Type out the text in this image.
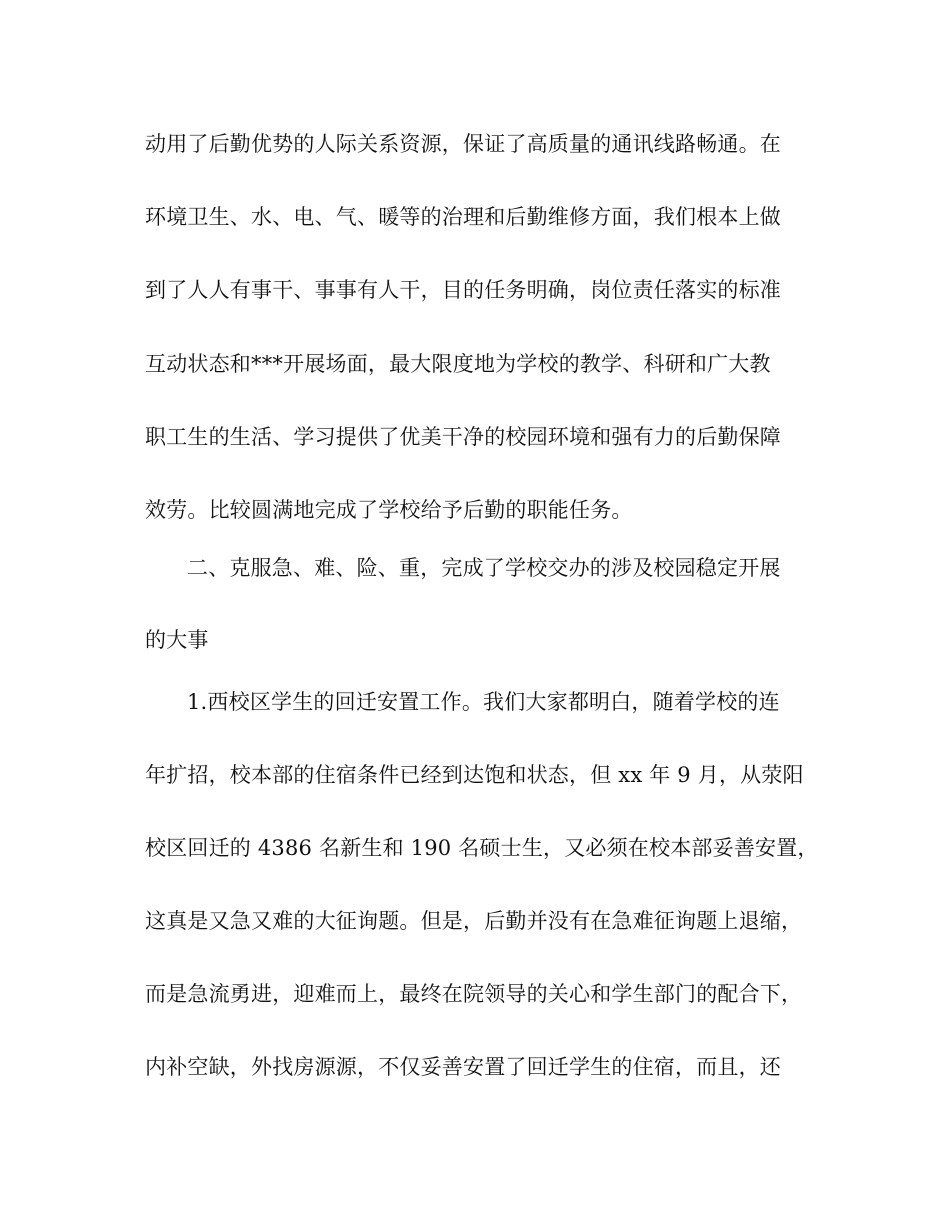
动用了后勤优势的人际关系资源，保证了高质量的通讯线路畅通。在
环境卫生、水、电、气、暖等的治理和后勤维修方面，我们根本上做
到了人人有事干、事事有人干，目的任务明确，岗位责任落实的标准
互动状态和***开展场面，最大限度地为学校的教学、科研和广大教
职工生的生活、学习提供了优美干净的校园环境和强有力的后勤保障
效劳。比较圆满地完成了学校给予后勤的职能任务。
二、克服急、难、险、重，完成了学校交办的涉及校园稳定开展
的大事
1.西校区学生的回迁安置工作。我们大家都明白，随着学校的连
年扩招，校本部的住宿条件已经到达饱和状态，但 xx 年 9 月，从荥阳
校区回迁的 4386 名新生和 190 名硕士生，又必须在校本部妥善安置，
这真是又急又难的大征询题。但是，后勤并没有在急难征询题上退缩，
而是急流勇进，迎难而上，最终在院领导的关心和学生部门的配合下，
内补空缺，外找房源源，不仅妥善安置了回迁学生的住宿，而且，还
